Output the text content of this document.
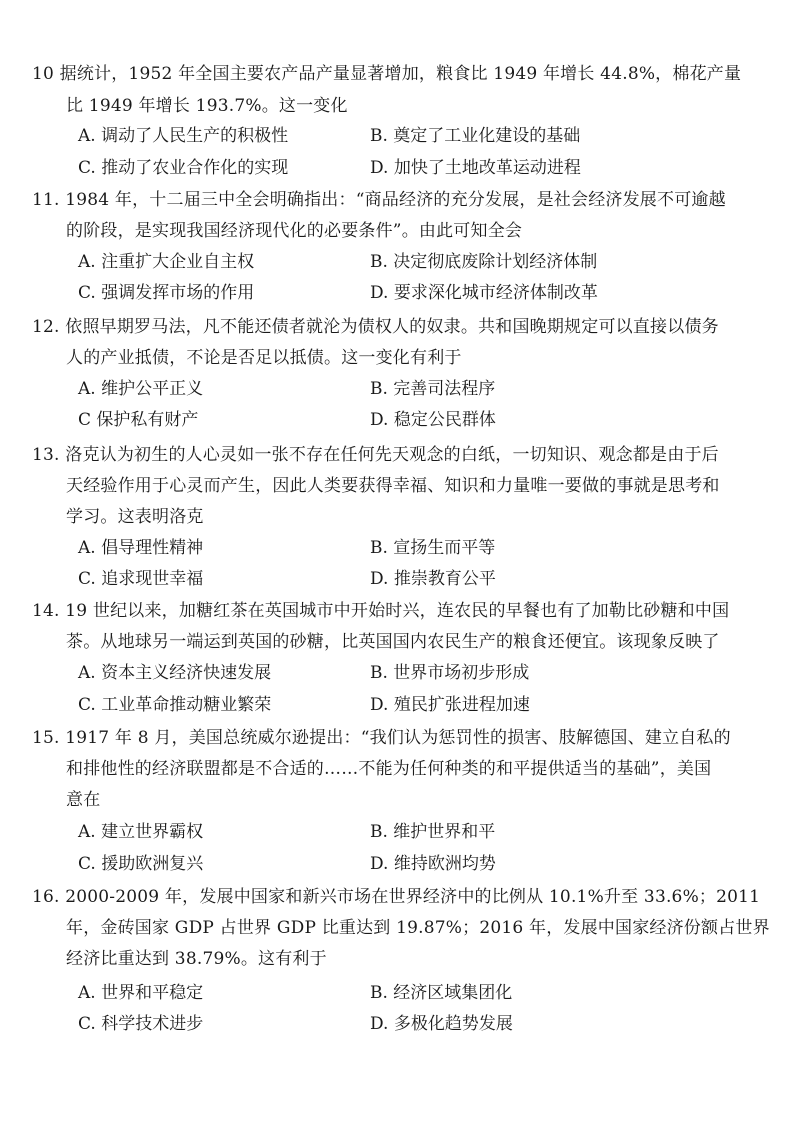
10 据统计，1952 年全国主要农产品产量显著增加，粮食比 1949 年增长 44.8%，棉花产量
比 1949 年增长 193.7%。这一变化
A. 调动了人民生产的积极性	B. 奠定了工业化建设的基础
C. 推动了农业合作化的实现	D. 加快了土地改革运动进程
11. 1984 年，十二届三中全会明确指出：“商品经济的充分发展，是社会经济发展不可逾越
的阶段，是实现我国经济现代化的必要条件”。由此可知全会
A. 注重扩大企业自主权	B. 决定彻底废除计划经济体制
C. 强调发挥市场的作用	D. 要求深化城市经济体制改革
12. 依照早期罗马法，凡不能还债者就沦为债权人的奴隶。共和国晚期规定可以直接以债务
人的产业抵债，不论是否足以抵债。这一变化有利于
A. 维护公平正义	B. 完善司法程序
C 保护私有财产	D. 稳定公民群体
13. 洛克认为初生的人心灵如一张不存在任何先天观念的白纸，一切知识、观念都是由于后
天经验作用于心灵而产生，因此人类要获得幸福、知识和力量唯一要做的事就是思考和
学习。这表明洛克
A. 倡导理性精神	B. 宣扬生而平等
C. 追求现世幸福	D. 推崇教育公平
14. 19 世纪以来，加糖红茶在英国城市中开始时兴，连农民的早餐也有了加勒比砂糖和中国
茶。从地球另一端运到英国的砂糖，比英国国内农民生产的粮食还便宜。该现象反映了
A. 资本主义经济快速发展	B. 世界市场初步形成
C. 工业革命推动糖业繁荣	D. 殖民扩张进程加速
15. 1917 年 8 月，美国总统威尔逊提出：“我们认为惩罚性的损害、肢解德国、建立自私的
和排他性的经济联盟都是不合适的……不能为任何种类的和平提供适当的基础”，美国
意在
A. 建立世界霸权	B. 维护世界和平
C. 援助欧洲复兴	D. 维持欧洲均势
16. 2000-2009 年，发展中国家和新兴市场在世界经济中的比例从 10.1%升至 33.6%；2011
年，金砖国家 GDP 占世界 GDP 比重达到 19.87%；2016 年，发展中国家经济份额占世界
经济比重达到 38.79%。这有利于
A. 世界和平稳定	B. 经济区域集团化
C. 科学技术进步	D. 多极化趋势发展
